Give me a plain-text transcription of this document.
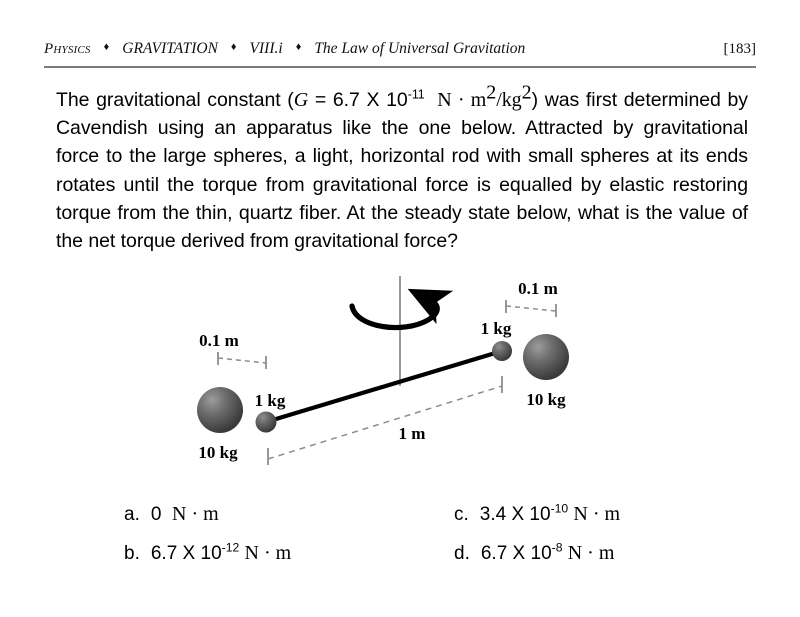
Physics ♦ GRAVITATION ♦ VIII.i ♦ The Law of Universal Gravitation	[183]
The gravitational constant (G = 6.7 X $10^{-11}$ $N \cdot m^2/kg^2$) was first determined by Cavendish using an apparatus like the one below. Attracted by gravitational force to the large spheres, a light, horizontal rod with small spheres at its ends rotates until the torque from gravitational force is equalled by elastic restoring torque from the thin, quartz fiber. At the steady state below, what is the value of the net torque derived from gravitational force?
0.1 m
0.1 m
1 m
10 kg
1 kg
1 kg
10 kg
a. 0 N · m	c. 3.4 X $10^{-10}$ N · m
b. 6.7 X $10^{-12}$ N · m	d. 6.7 X $10^{-8}$ N · m
